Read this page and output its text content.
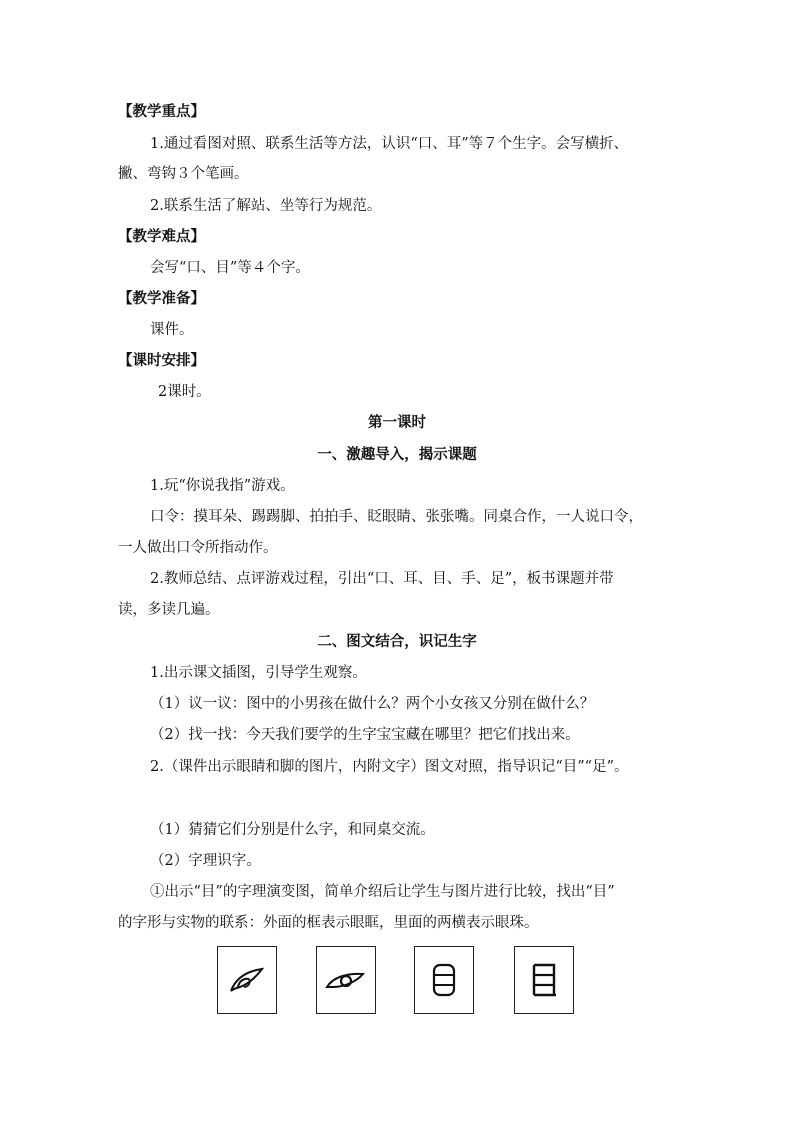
【教学重点】
1.通过看图对照、联系生活等方法，认识“口、耳”等７个生字。会写横折、
撇、弯钩３个笔画。
2.联系生活了解站、坐等行为规范。
【教学难点】
会写“口、目”等４个字。
【教学准备】
课件。
【课时安排】
2课时。
第一课时
一、激趣导入，揭示课题
1.玩“你说我指”游戏。
口令：摸耳朵、踢踢脚、拍拍手、眨眼睛、张张嘴。同桌合作，一人说口令，
一人做出口令所指动作。
2.教师总结、点评游戏过程，引出“口、耳、目、手、足”，板书课题并带
读，多读几遍。
二、图文结合，识记生字
1.出示课文插图，引导学生观察。
（1）议一议：图中的小男孩在做什么？两个小女孩又分别在做什么？
（2）找一找：今天我们要学的生字宝宝藏在哪里？把它们找出来。
2.（课件出示眼睛和脚的图片，内附文字）图文对照，指导识记“目”“足”。
（1）猜猜它们分别是什么字，和同桌交流。
（2）字理识字。
①出示“目”的字理演变图，简单介绍后让学生与图片进行比较，找出“目”
的字形与实物的联系：外面的框表示眼眶，里面的两横表示眼珠。
